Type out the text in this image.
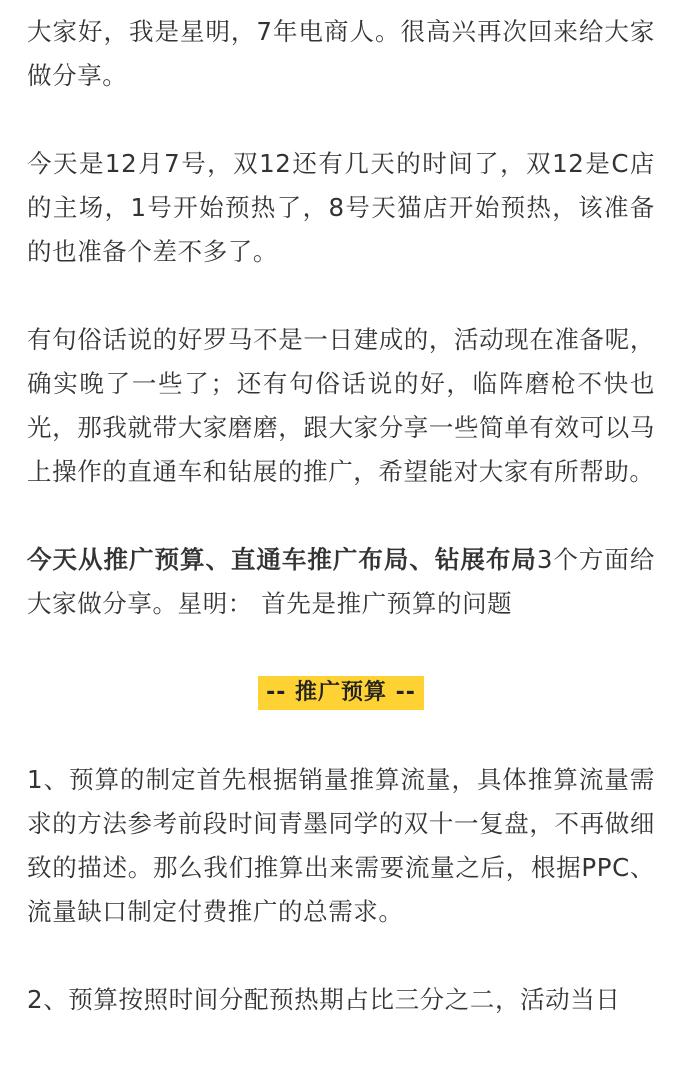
大家好，我是星明，7年电商人。很高兴再次回来给大家做分享。

今天是12月7号，双12还有几天的时间了，双12是C店的主场，1号开始预热了，8号天猫店开始预热，该准备的也准备个差不多了。

有句俗话说的好罗马不是一日建成的，活动现在准备呢，确实晚了一些了；还有句俗话说的好，临阵磨枪不快也光，那我就带大家磨磨，跟大家分享一些简单有效可以马上操作的直通车和钻展的推广，希望能对大家有所帮助。

今天从推广预算、直通车推广布局、钻展布局3个方面给大家做分享。星明： 首先是推广预算的问题

-- 推广预算 --

1、预算的制定首先根据销量推算流量，具体推算流量需求的方法参考前段时间青墨同学的双十一复盘，不再做细致的描述。那么我们推算出来需要流量之后，根据PPC、流量缺口制定付费推广的总需求。

2、预算按照时间分配预热期占比三分之二，活动当日
